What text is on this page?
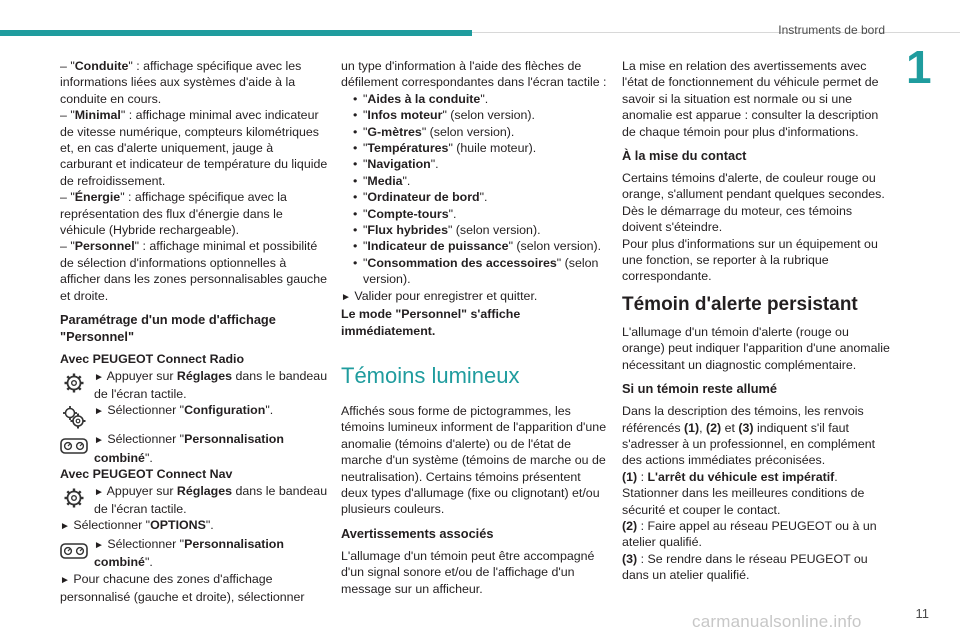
Instruments de bord
1

– "Conduite" : affichage spécifique avec les informations liées aux systèmes d'aide à la conduite en cours.

– "Minimal" : affichage minimal avec indicateur de vitesse numérique, compteurs kilométriques et, en cas d'alerte uniquement, jauge à carburant et indicateur de température du liquide de refroidissement.

– "Énergie" : affichage spécifique avec la représentation des flux d'énergie dans le véhicule (Hybride rechargeable).

– "Personnel" : affichage minimal et possibilité de sélection d'informations optionnelles à afficher dans les zones personnalisables gauche et droite.

Paramétrage d'un mode d'affichage "Personnel"

Avec PEUGEOT Connect Radio

► Appuyer sur Réglages dans le bandeau de l'écran tactile.

► Sélectionner "Configuration".

► Sélectionner "Personnalisation combiné".

Avec PEUGEOT Connect Nav

► Appuyer sur Réglages dans le bandeau de l'écran tactile.

► Sélectionner "OPTIONS".

► Sélectionner "Personnalisation combiné".

► Pour chacune des zones d'affichage personnalisé (gauche et droite), sélectionner

un type d'information à l'aide des flèches de défilement correspondantes dans l'écran tactile :

• "Aides à la conduite".
• "Infos moteur" (selon version).
• "G-mètres" (selon version).
• "Températures" (huile moteur).
• "Navigation".
• "Media".
• "Ordinateur de bord".
• "Compte-tours".
• "Flux hybrides" (selon version).
• "Indicateur de puissance" (selon version).
• "Consommation des accessoires" (selon version).

► Valider pour enregistrer et quitter.

Le mode "Personnel" s'affiche immédiatement.

Témoins lumineux

Affichés sous forme de pictogrammes, les témoins lumineux informent de l'apparition d'une anomalie (témoins d'alerte) ou de l'état de marche d'un système (témoins de marche ou de neutralisation). Certains témoins présentent deux types d'allumage (fixe ou clignotant) et/ou plusieurs couleurs.

Avertissements associés

L'allumage d'un témoin peut être accompagné d'un signal sonore et/ou de l'affichage d'un message sur un afficheur.

La mise en relation des avertissements avec l'état de fonctionnement du véhicule permet de savoir si la situation est normale ou si une anomalie est apparue : consulter la description de chaque témoin pour plus d'informations.

À la mise du contact

Certains témoins d'alerte, de couleur rouge ou orange, s'allument pendant quelques secondes. Dès le démarrage du moteur, ces témoins doivent s'éteindre.

Pour plus d'informations sur un équipement ou une fonction, se reporter à la rubrique correspondante.

Témoin d'alerte persistant

L'allumage d'un témoin d'alerte (rouge ou orange) peut indiquer l'apparition d'une anomalie nécessitant un diagnostic complémentaire.

Si un témoin reste allumé

Dans la description des témoins, les renvois référencés (1), (2) et (3) indiquent s'il faut s'adresser à un professionnel, en complément des actions immédiates préconisées.

(1) : L'arrêt du véhicule est impératif.

Stationner dans les meilleures conditions de sécurité et couper le contact.

(2) : Faire appel au réseau PEUGEOT ou à un atelier qualifié.

(3) : Se rendre dans le réseau PEUGEOT ou dans un atelier qualifié.

11
carmanualsonline.info
